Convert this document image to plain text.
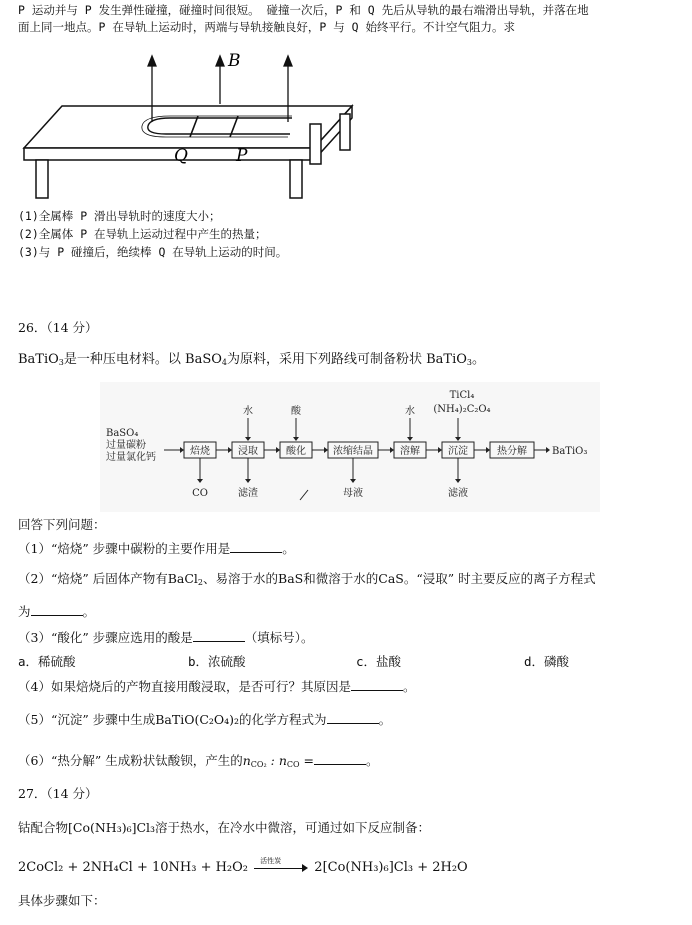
P 运动并与 P 发生弹性碰撞，碰撞时间很短。 碰撞一次后，P 和 Q 先后从导轨的最右端滑出导轨，并落在地
面上同一地点。P 在导轨上运动时，两端与导轨接触良好，P 与 Q 始终平行。不计空气阻力。求
B
Q	P
(1)全属棒 P 滑出导轨时的速度大小；
(2)全属体 P 在导轨上运动过程中产生的热量；
(3)与 P 碰撞后，绝续棒 Q 在导轨上运动的时间。
26．（14 分）
BaTiO$_3$是一种压电材料。以 BaSO$_4$为原料，采用下列路线可制备粉状 BaTiO$_3$。
BaSO₄
过量碳粉
过量氯化钙
焙烧	浸取	酸化	浓缩结晶	溶解	沉淀	热分解
水	酸	水
TiCl₄
(NH₄)₂C₂O₄
CO	滤渣	母液	滤液
BaTiO₃
回答下列问题：
（1）“焙烧” 步骤中碳粉的主要作用是	。
（2）“焙烧” 后固体产物有BaCl$_2$、易溶于水的BaS和微溶于水的CaS。“浸取” 时主要反应的离子方程式
为	。
（3）“酸化” 步骤应选用的酸是	（填标号）。
a．稀硫酸	b．浓硫酸	c．盐酸	d．磷酸
（4）如果焙烧后的产物直接用酸浸取，是否可行？其原因是	。
（5）“沉淀” 步骤中生成BaTiO(C₂O₄)₂的化学方程式为	。
（6）“热分解” 生成粉状钛酸钡，产生的$n_{CO_2}$ : $n_{CO}$ =	。
27．（14 分）
钴配合物[Co(NH₃)₆]Cl₃溶于热水，在冷水中微溶，可通过如下反应制备：
2CoCl₂ + 2NH₄Cl + 10NH₃ + H₂O₂ 活性炭	2[Co(NH₃)₆]Cl₃ + 2H₂O
具体步骤如下：
